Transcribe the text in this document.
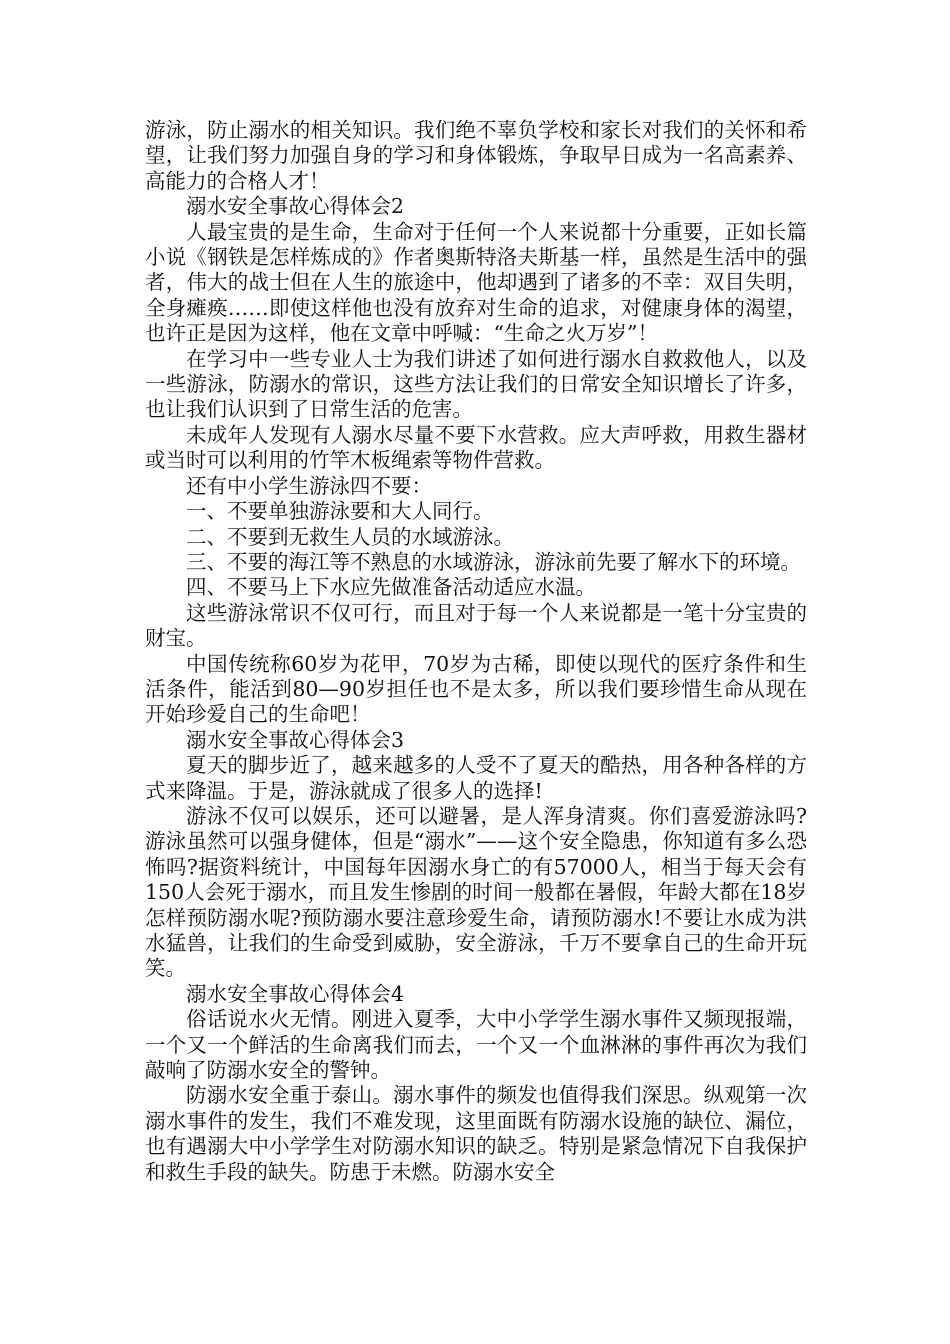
游泳，防止溺水的相关知识。我们绝不辜负学校和家长对我们的关怀和希望，让我们努力加强自身的学习和身体锻炼，争取早日成为一名高素养、高能力的合格人才！

溺水安全事故心得体会2

人最宝贵的是生命，生命对于任何一个人来说都十分重要，正如长篇小说《钢铁是怎样炼成的》作者奥斯特洛夫斯基一样，虽然是生活中的强者，伟大的战士但在人生的旅途中，他却遇到了诸多的不幸：双目失明，全身瘫痪……即使这样他也没有放弃对生命的追求，对健康身体的渴望，也许正是因为这样，他在文章中呼喊：“生命之火万岁”！

在学习中一些专业人士为我们讲述了如何进行溺水自救救他人，以及一些游泳，防溺水的常识，这些方法让我们的日常安全知识增长了许多，也让我们认识到了日常生活的危害。

未成年人发现有人溺水尽量不要下水营救。应大声呼救，用救生器材或当时可以利用的竹竿木板绳索等物件营救。

还有中小学生游泳四不要：

一、不要单独游泳要和大人同行。

二、不要到无救生人员的水域游泳。

三、不要的海江等不熟息的水域游泳，游泳前先要了解水下的环境。

四、不要马上下水应先做准备活动适应水温。

这些游泳常识不仅可行，而且对于每一个人来说都是一笔十分宝贵的财宝。

中国传统称60岁为花甲，70岁为古稀，即使以现代的医疗条件和生活条件，能活到80—90岁担任也不是太多，所以我们要珍惜生命从现在开始珍爱自己的生命吧！

溺水安全事故心得体会3

夏天的脚步近了，越来越多的人受不了夏天的酷热，用各种各样的方式来降温。于是，游泳就成了很多人的选择!

游泳不仅可以娱乐，还可以避暑，是人浑身清爽。你们喜爱游泳吗?游泳虽然可以强身健体，但是“溺水”——这个安全隐患，你知道有多么恐怖吗?据资料统计，中国每年因溺水身亡的有57000人，相当于每天会有150人会死于溺水，而且发生惨剧的时间一般都在暑假，年龄大都在18岁怎样预防溺水呢?预防溺水要注意珍爱生命，请预防溺水!不要让水成为洪水猛兽，让我们的生命受到威胁，安全游泳，千万不要拿自己的生命开玩笑。

溺水安全事故心得体会4

俗话说水火无情。刚进入夏季，大中小学学生溺水事件又频现报端，一个又一个鲜活的生命离我们而去，一个又一个血淋淋的事件再次为我们敲响了防溺水安全的警钟。

防溺水安全重于泰山。溺水事件的频发也值得我们深思。纵观第一次溺水事件的发生，我们不难发现，这里面既有防溺水设施的缺位、漏位，也有遇溺大中小学学生对防溺水知识的缺乏。特别是紧急情况下自我保护和救生手段的缺失。防患于未燃。防溺水安全
